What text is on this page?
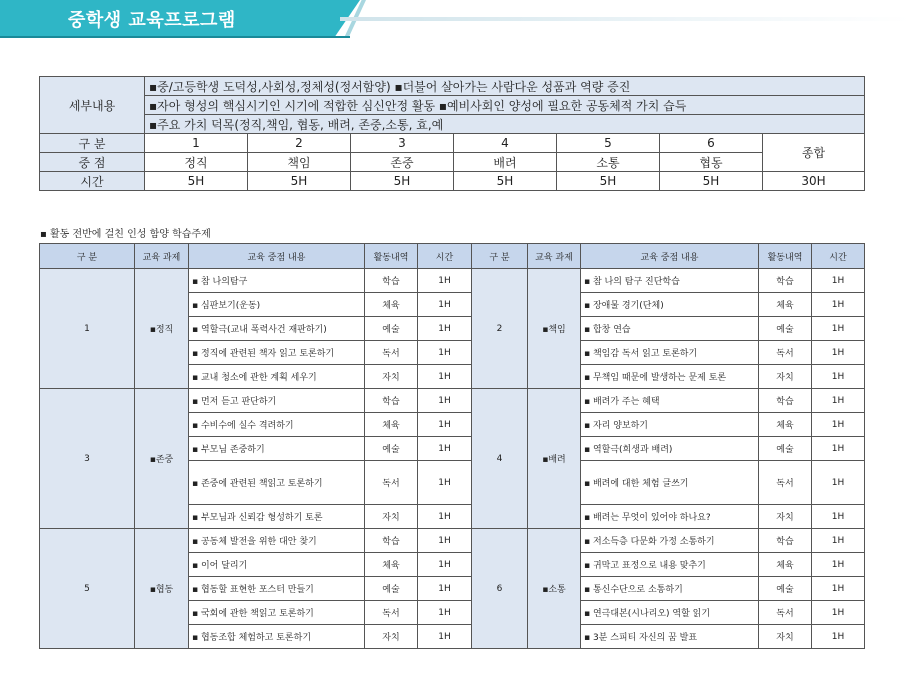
중학생 교육프로그램
세부내용	▪중/고등학생 도덕성,사회성,정체성(정서함양) ▪더불어 살아가는 사람다운 성품과 역량 증진						
	▪자아 형성의 핵심시기인 시기에 적합한 심신안정 활동 ▪예비사회인 양성에 필요한 공동체적 가치 습득						
	▪주요 가치 덕목(정직,책임, 협동, 배려, 존중,소통, 효,예						
구 분	1	2	3	4	5	6	종합
중 점	정직	책임	존중	배려	소통	협동	
시간	5H	5H	5H	5H	5H	5H	30H
▪ 활동 전반에 걸친 인성 함양 학습주제
구 분	교육 과제	교육 중점 내용	활동내역	시간	구 분	교육 과제	교육 중점 내용	활동내역	시간
1	▪정직	▪ 참 나의탐구	학습	1H	2	▪책임	▪ 참 나의 탐구 진단학습	학습	1H
		▪ 심판보기(운동)	체육	1H			▪ 장애물 경기(단체)	체육	1H
		▪ 역할극(교내 폭력사건 재판하기)	예술	1H			▪ 합창 연습	예술	1H
		▪ 정직에 관련된 책자 읽고 토론하기	독서	1H			▪ 책임감 독서 읽고 토론하기	독서	1H
		▪ 교내 청소에 관한 계획 세우기	자치	1H			▪ 무책임 때문에 발생하는 문제 토론	자치	1H
3	▪존중	▪ 먼저 듣고 판단하기	학습	1H	4	▪배려	▪ 배려가 주는 혜택	학습	1H
		▪ 수비수에 실수 격려하기	체육	1H			▪ 자리 양보하기	체육	1H
		▪ 부모님 존중하기	예술	1H			▪ 역할극(희생과 배려)	예술	1H
		▪ 존중에 관련된 책읽고 토론하기	독서	1H			▪ 배려에 대한 체험 글쓰기	독서	1H
		▪ 부모님과 신뢰감 형성하기 토론	자치	1H			▪ 배려는 무엇이 있어야 하나요?	자치	1H
5	▪협동	▪ 공동체 발전을 위한 대안 찾기	학습	1H	6	▪소통	▪ 저소득층 다문화 가정 소통하기	학습	1H
		▪ 이어 달리기	체육	1H			▪ 귀막고 표정으로 내용 맞추기	체육	1H
		▪ 협동할 표현한 포스터 만들기	예술	1H			▪ 통신수단으로 소통하기	예술	1H
		▪ 국회에 관한 책읽고 토론하기	독서	1H			▪ 연극대본(시나리오) 역할 읽기	독서	1H
		▪ 협동조합 체험하고 토론하기	자치	1H			▪ 3분 스피티 자신의 꿈 발표	자치	1H
